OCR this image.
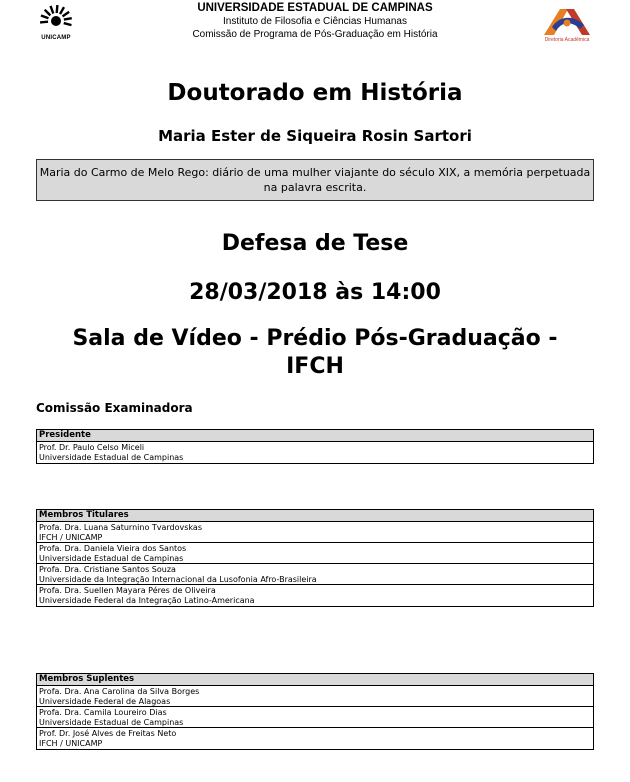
UNICAMP
UNIVERSIDADE ESTADUAL DE CAMPINAS
Instituto de Filosofia e Ciências Humanas
Comissão de Programa de Pós-Graduação em História	Diretoria Acadêmica
Doutorado em História
Maria Ester de Siqueira Rosin Sartori
Maria do Carmo de Melo Rego: diário de uma mulher viajante do século XIX, a memória perpetuada na palavra escrita.
Defesa de Tese
28/03/2018 às 14:00
Sala de Vídeo - Prédio Pós-Graduação - IFCH
Comissão Examinadora
Presidente
Prof. Dr. Paulo Celso Miceli
Universidade Estadual de Campinas
Membros Titulares
Profa. Dra. Luana Saturnino Tvardovskas
IFCH / UNICAMP
Profa. Dra. Daniela Vieira dos Santos
Universidade Estadual de Campinas
Profa. Dra. Cristiane Santos Souza
Universidade da Integração Internacional da Lusofonia Afro-Brasileira
Profa. Dra. Suellen Mayara Péres de Oliveira
Universidade Federal da Integração Latino-Americana
Membros Suplentes
Profa. Dra. Ana Carolina da Silva Borges
Universidade Federal de Alagoas
Profa. Dra. Camila Loureiro Dias
Universidade Estadual de Campinas
Prof. Dr. José Alves de Freitas Neto
IFCH / UNICAMP
